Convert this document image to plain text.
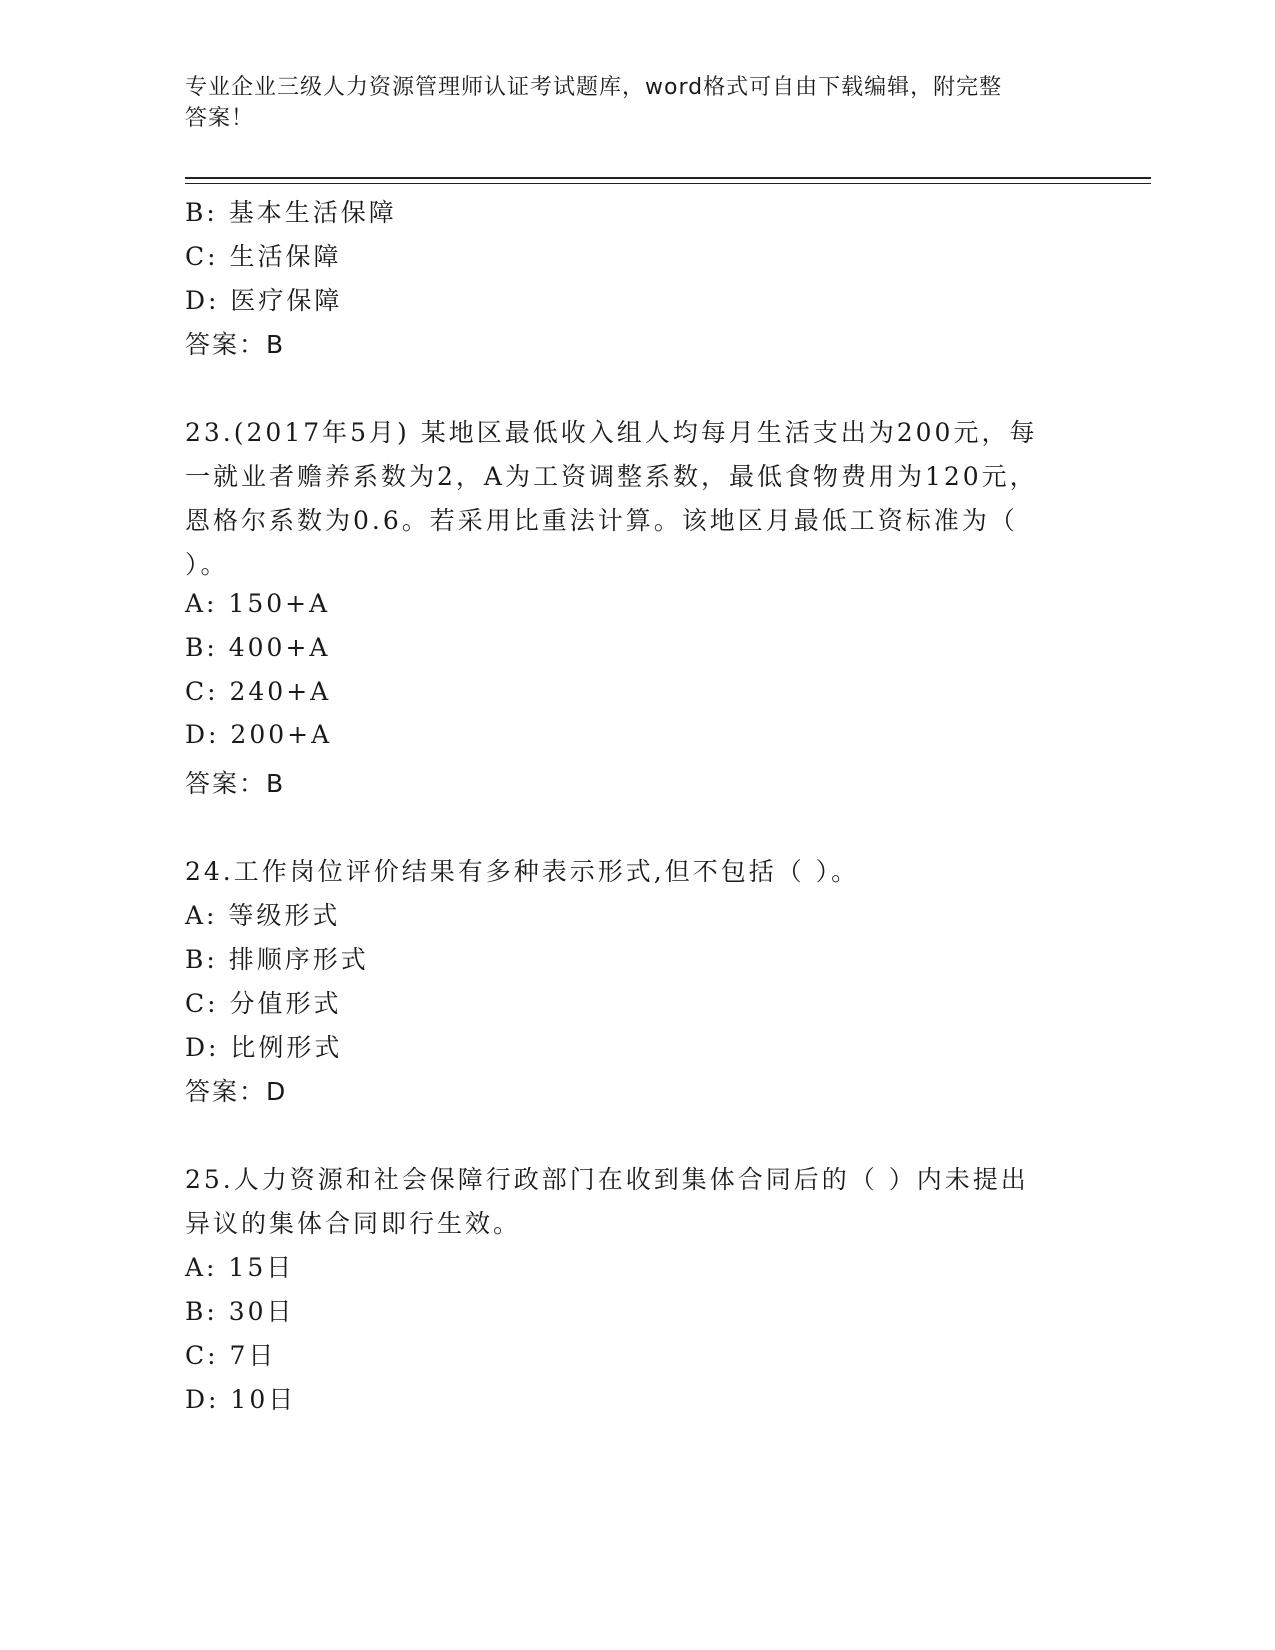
专业企业三级人力资源管理师认证考试题库，word格式可自由下载编辑，附完整
答案！
B: 基本生活保障
C: 生活保障
D: 医疗保障
答案：B
23.(2017年5月) 某地区最低收入组人均每月生活支出为200元，每
一就业者赡养系数为2，A为工资调整系数，最低食物费用为120元，
恩格尔系数为0.6。若采用比重法计算。该地区月最低工资标准为（
）。
A: 150+A
B: 400+A
C: 240+A
D: 200+A
答案：B
24.工作岗位评价结果有多种表示形式,但不包括（ ）。
A: 等级形式
B: 排顺序形式
C: 分值形式
D: 比例形式
答案：D
25.人力资源和社会保障行政部门在收到集体合同后的（ ）内未提出
异议的集体合同即行生效。
A: 15日
B: 30日
C: 7日
D: 10日
